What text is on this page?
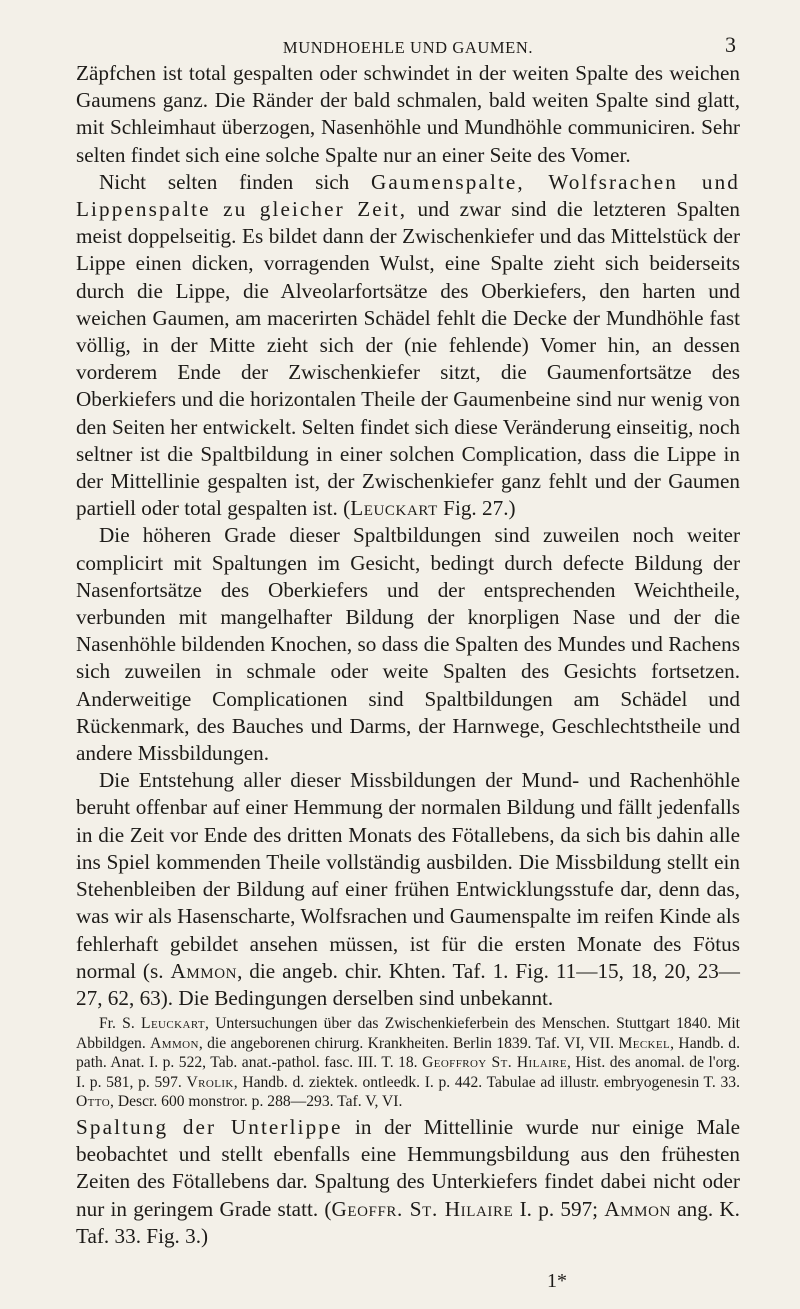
MUNDHOEHLE UND GAUMEN.	3

Zäpfchen ist total gespalten oder schwindet in der weiten Spalte des weichen Gaumens ganz. Die Ränder der bald schmalen, bald weiten Spalte sind glatt, mit Schleimhaut überzogen, Nasenhöhle und Mundhöhle communiciren. Sehr selten findet sich eine solche Spalte nur an einer Seite des Vomer.

Nicht selten finden sich Gaumenspalte, Wolfsrachen und Lippenspalte zu gleicher Zeit, und zwar sind die letzteren Spalten meist doppelseitig. Es bildet dann der Zwischenkiefer und das Mittelstück der Lippe einen dicken, vorragenden Wulst, eine Spalte zieht sich beiderseits durch die Lippe, die Alveolarfortsätze des Oberkiefers, den harten und weichen Gaumen, am macerirten Schädel fehlt die Decke der Mundhöhle fast völlig, in der Mitte zieht sich der (nie fehlende) Vomer hin, an dessen vorderem Ende der Zwischenkiefer sitzt, die Gaumenfortsätze des Oberkiefers und die horizontalen Theile der Gaumenbeine sind nur wenig von den Seiten her entwickelt. Selten findet sich diese Veränderung einseitig, noch seltner ist die Spaltbildung in einer solchen Complication, dass die Lippe in der Mittellinie gespalten ist, der Zwischenkiefer ganz fehlt und der Gaumen partiell oder total gespalten ist. (Leuckart Fig. 27.)

Die höheren Grade dieser Spaltbildungen sind zuweilen noch weiter complicirt mit Spaltungen im Gesicht, bedingt durch defecte Bildung der Nasenfortsätze des Oberkiefers und der entsprechenden Weichtheile, verbunden mit mangelhafter Bildung der knorpligen Nase und der die Nasenhöhle bildenden Knochen, so dass die Spalten des Mundes und Rachens sich zuweilen in schmale oder weite Spalten des Gesichts fortsetzen. Anderweitige Complicationen sind Spaltbildungen am Schädel und Rückenmark, des Bauches und Darms, der Harnwege, Geschlechtstheile und andere Missbildungen.

Die Entstehung aller dieser Missbildungen der Mund- und Rachenhöhle beruht offenbar auf einer Hemmung der normalen Bildung und fällt jedenfalls in die Zeit vor Ende des dritten Monats des Fötallebens, da sich bis dahin alle ins Spiel kommenden Theile vollständig ausbilden. Die Missbildung stellt ein Stehenbleiben der Bildung auf einer frühen Entwicklungsstufe dar, denn das, was wir als Hasenscharte, Wolfsrachen und Gaumenspalte im reifen Kinde als fehlerhaft gebildet ansehen müssen, ist für die ersten Monate des Fötus normal (s. Ammon, die angeb. chir. Khten. Taf. 1. Fig. 11—15, 18, 20, 23—27, 62, 63). Die Bedingungen derselben sind unbekannt.

Fr. S. Leuckart, Untersuchungen über das Zwischenkieferbein des Menschen. Stuttgart 1840. Mit Abbildgen. Ammon, die angeborenen chirurg. Krankheiten. Berlin 1839. Taf. VI, VII. Meckel, Handb. d. path. Anat. I. p. 522, Tab. anat.-pathol. fasc. III. T. 18. Geoffroy St. Hilaire, Hist. des anomal. de l'org. I. p. 581, p. 597. Vrolik, Handb. d. ziektek. ontleedk. I. p. 442. Tabulae ad illustr. embryogenesin T. 33. Otto, Descr. 600 monstror. p. 288—293. Taf. V, VI.

Spaltung der Unterlippe in der Mittellinie wurde nur einige Male beobachtet und stellt ebenfalls eine Hemmungsbildung aus den frühesten Zeiten des Fötallebens dar. Spaltung des Unterkiefers findet dabei nicht oder nur in geringem Grade statt. (Geoffr. St. Hilaire I. p. 597; Ammon ang. K. Taf. 33. Fig. 3.)

1*
